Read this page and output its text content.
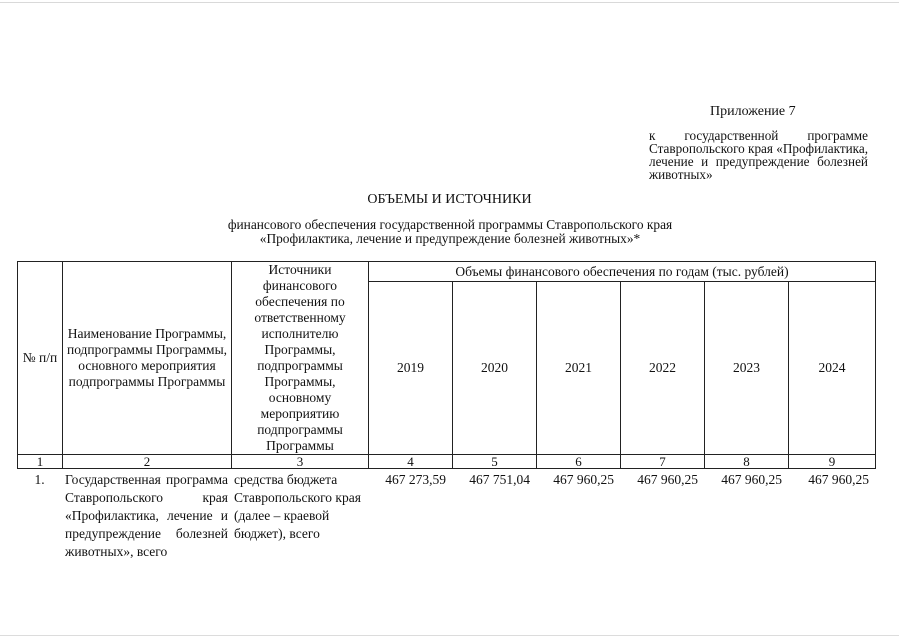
Приложение 7
к государственной программе Ставропольского края «Профилактика, лечение и предупреждение болезней животных»
ОБЪЕМЫ И ИСТОЧНИКИ
финансового обеспечения государственной программы Ставропольского края
«Профилактика, лечение и предупреждение болезней животных»*
№ п/п	Наименование Программы, подпрограммы Программы, основного мероприятия подпрограммы Программы	Источники финансового обеспечения по ответственному исполнителю Программы, подпрограммы Программы, основному мероприятию подпрограммы Программы	Объемы финансового обеспечения по годам (тыс. рублей)					
			2019	2020	2021	2022	2023	2024
1	2	3	4	5	6	7	8	9
1.	Государственная программа Ставропольского края «Профилактика, лечение и предупреждение болезней животных», всего	средства бюджета Ставропольского края (далее – краевой бюджет), всего	467 273,59	467 751,04	467 960,25	467 960,25	467 960,25	467 960,25
